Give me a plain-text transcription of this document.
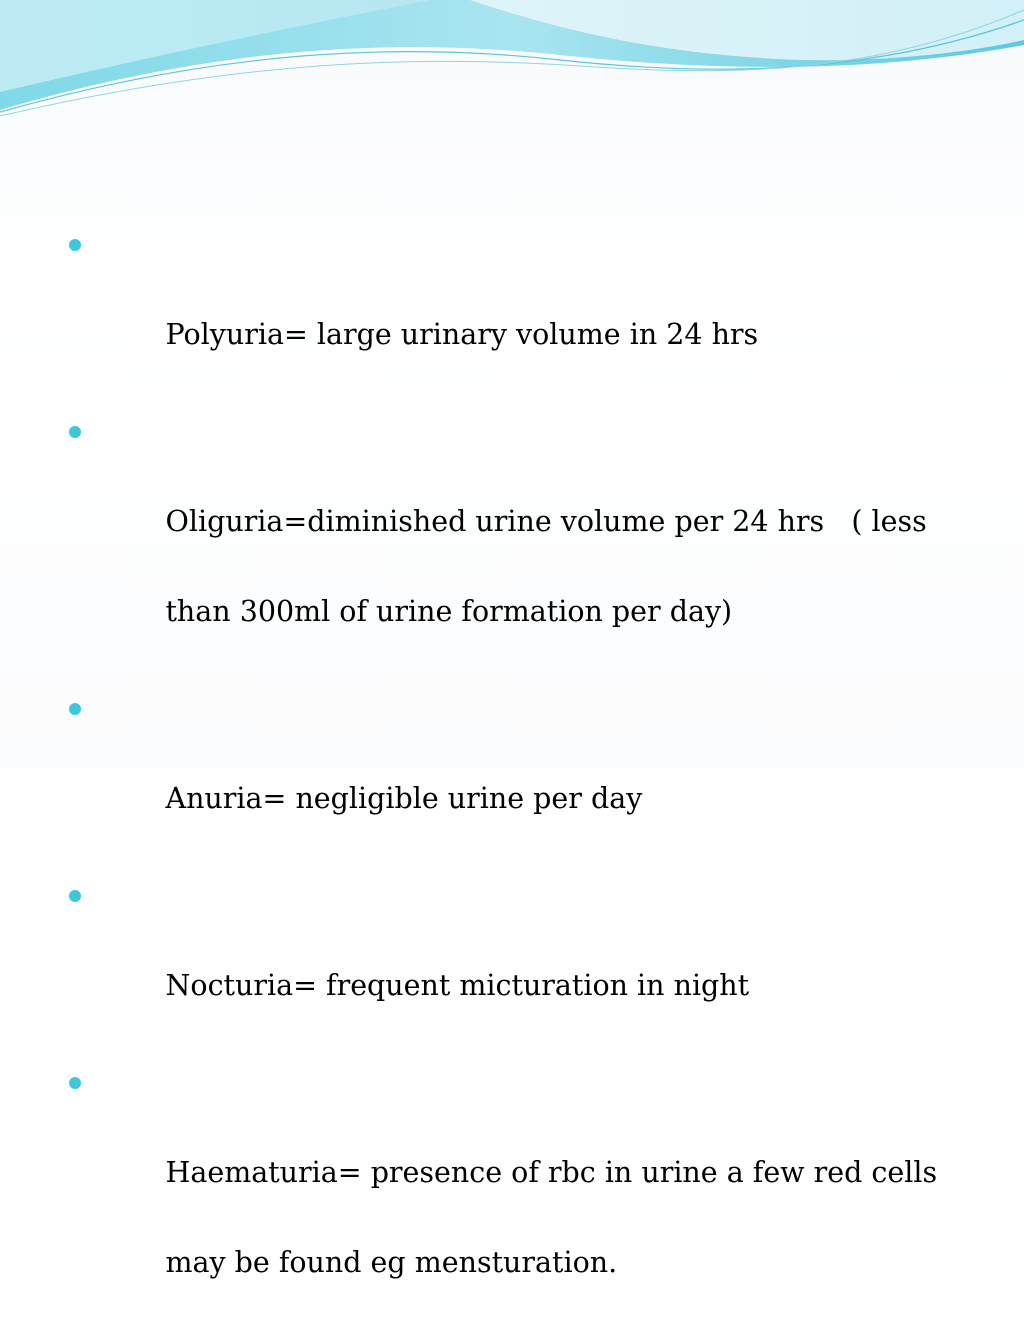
Polyuria= large urinary volume in 24 hrs

Oliguria=diminished urine volume per 24 hrs   ( less

than 300ml of urine formation per day)

Anuria= negligible urine per day

Nocturia= frequent micturation in night

Haematuria= presence of rbc in urine a few red cells

may be found eg mensturation.
